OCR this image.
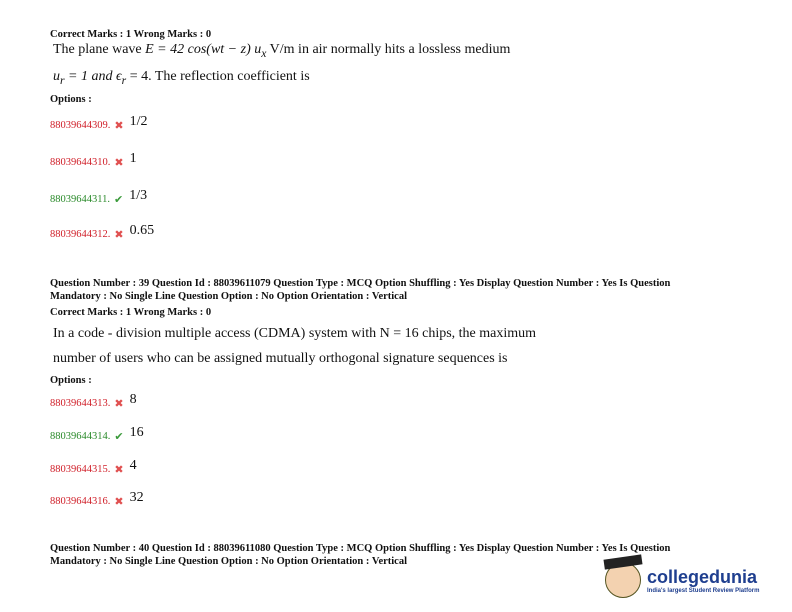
Correct Marks : 1 Wrong Marks : 0
The plane wave E = 42 cos(wt − z) $u_x$ V/m in air normally hits a lossless medium
$u_r = 1$ and $\epsilon_r = 4$. The reflection coefficient is
Options :
88039644309. ✖ 1/2
88039644310. ✖ 1
88039644311. ✔ 1/3
88039644312. ✖ 0.65
Question Number : 39 Question Id : 88039611079 Question Type : MCQ Option Shuffling : Yes Display Question Number : Yes Is Question
Mandatory : No Single Line Question Option : No Option Orientation : Vertical
Correct Marks : 1 Wrong Marks : 0
In a code - division multiple access (CDMA) system with N = 16 chips, the maximum
number of users who can be assigned mutually orthogonal signature sequences is
Options :
88039644313. ✖ 8
88039644314. ✔ 16
88039644315. ✖ 4
88039644316. ✖ 32
Question Number : 40 Question Id : 88039611080 Question Type : MCQ Option Shuffling : Yes Display Question Number : Yes Is Question
Mandatory : No Single Line Question Option : No Option Orientation : Vertical
collegedunia
India's largest Student Review Platform
